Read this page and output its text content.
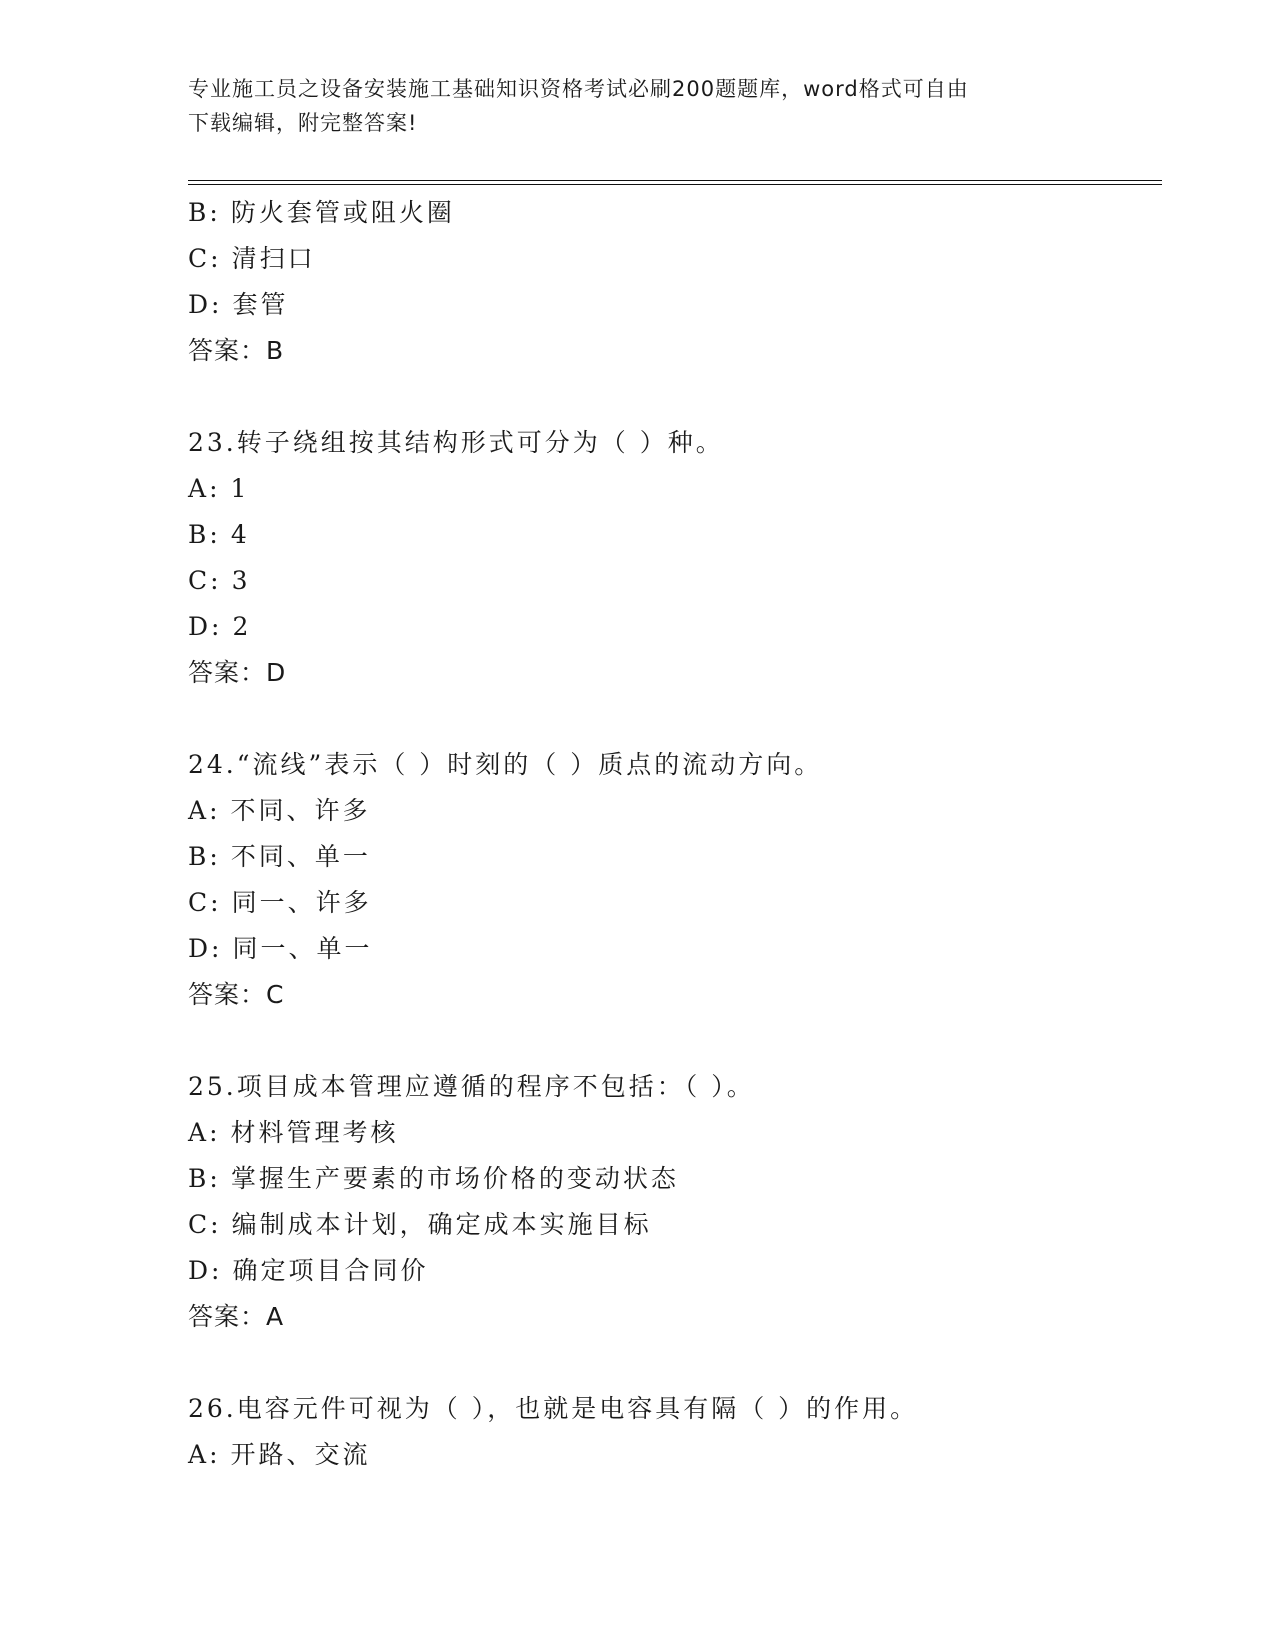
专业施工员之设备安装施工基础知识资格考试必刷200题题库，word格式可自由
下载编辑，附完整答案!
B: 防火套管或阻火圈
C: 清扫口
D: 套管
答案：B
23.转子绕组按其结构形式可分为（ ）种。
A: 1
B: 4
C: 3
D: 2
答案：D
24.“流线”表示（ ）时刻的（ ）质点的流动方向。
A: 不同、许多
B: 不同、单一
C: 同一、许多
D: 同一、单一
答案：C
25.项目成本管理应遵循的程序不包括：（ ）。
A: 材料管理考核
B: 掌握生产要素的市场价格的变动状态
C: 编制成本计划，确定成本实施目标
D: 确定项目合同价
答案：A
26.电容元件可视为（ ），也就是电容具有隔（ ）的作用。
A: 开路、交流
